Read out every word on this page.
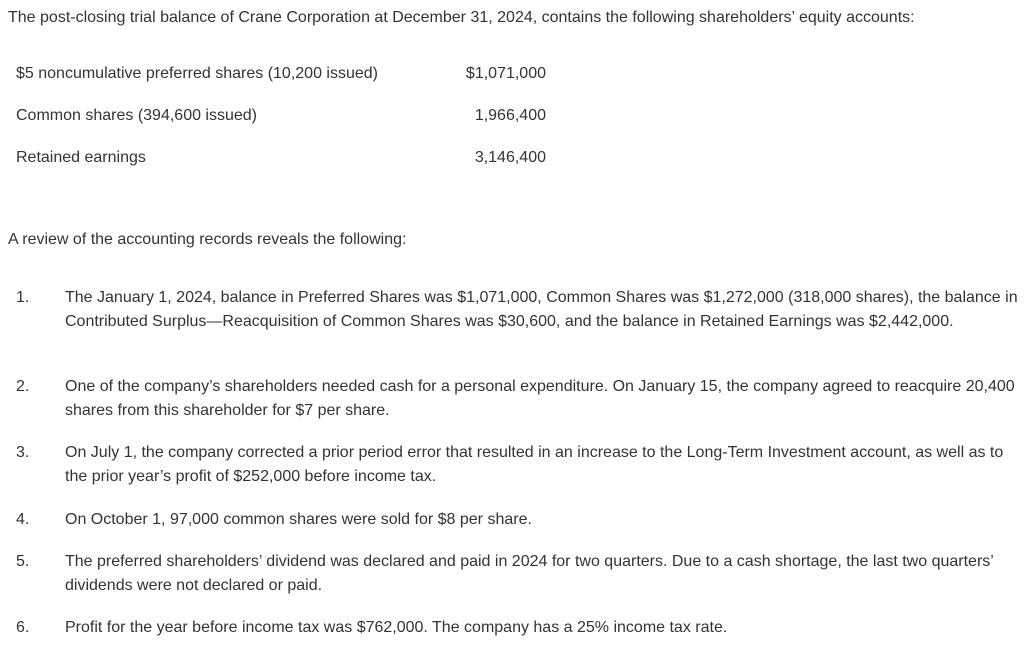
The post-closing trial balance of Crane Corporation at December 31, 2024, contains the following shareholders’ equity accounts:
$5 noncumulative preferred shares (10,200 issued)	$1,071,000
Common shares (394,600 issued)	1,966,400
Retained earnings	3,146,400
A review of the accounting records reveals the following:
1. The January 1, 2024, balance in Preferred Shares was $1,071,000, Common Shares was $1,272,000 (318,000 shares), the balance in Contributed Surplus—Reacquisition of Common Shares was $30,600, and the balance in Retained Earnings was $2,442,000.
2. One of the company’s shareholders needed cash for a personal expenditure. On January 15, the company agreed to reacquire 20,400 shares from this shareholder for $7 per share.
3. On July 1, the company corrected a prior period error that resulted in an increase to the Long-Term Investment account, as well as to the prior year’s profit of $252,000 before income tax.
4. On October 1, 97,000 common shares were sold for $8 per share.
5. The preferred shareholders’ dividend was declared and paid in 2024 for two quarters. Due to a cash shortage, the last two quarters’ dividends were not declared or paid.
6. Profit for the year before income tax was $762,000. The company has a 25% income tax rate.
